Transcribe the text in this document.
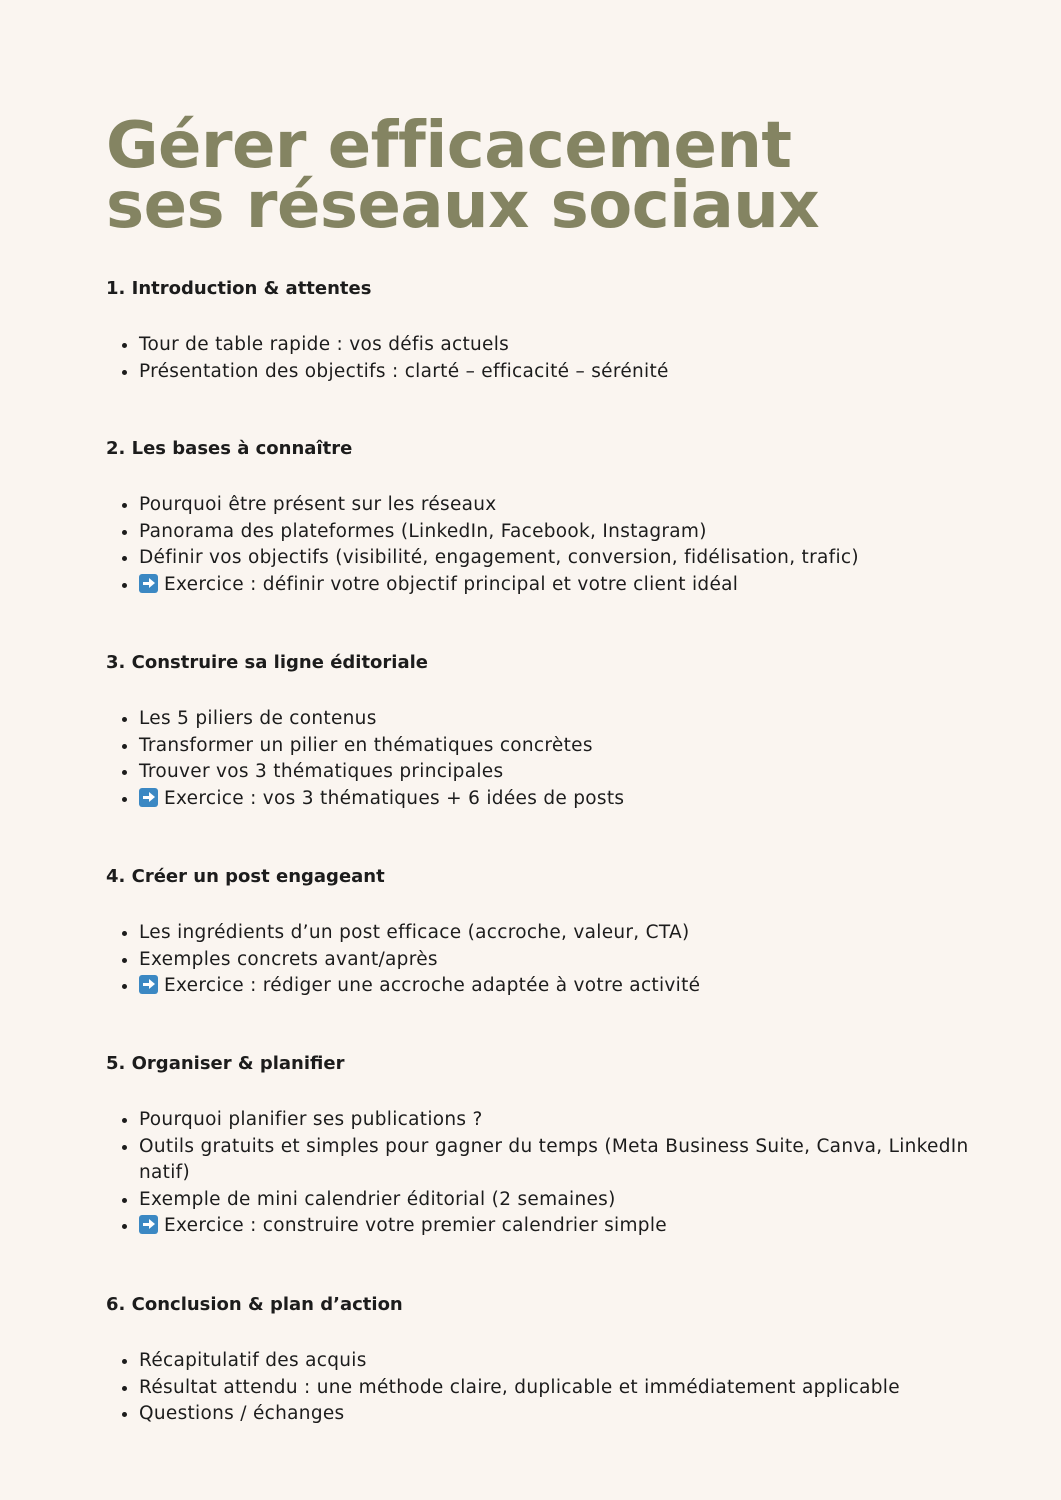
Gérer efficacement
ses réseaux sociaux
1. Introduction & attentes
• Tour de table rapide : vos défis actuels
• Présentation des objectifs : clarté – efficacité – sérénité
2. Les bases à connaître
• Pourquoi être présent sur les réseaux
• Panorama des plateformes (LinkedIn, Facebook, Instagram)
• Définir vos objectifs (visibilité, engagement, conversion, fidélisation, trafic)
• Exercice : définir votre objectif principal et votre client idéal
3. Construire sa ligne éditoriale
• Les 5 piliers de contenus
• Transformer un pilier en thématiques concrètes
• Trouver vos 3 thématiques principales
• Exercice : vos 3 thématiques + 6 idées de posts
4. Créer un post engageant
• Les ingrédients d’un post efficace (accroche, valeur, CTA)
• Exemples concrets avant/après
• Exercice : rédiger une accroche adaptée à votre activité
5. Organiser & planifier
• Pourquoi planifier ses publications ?
• Outils gratuits et simples pour gagner du temps (Meta Business Suite, Canva, LinkedIn natif)
• Exemple de mini calendrier éditorial (2 semaines)
• Exercice : construire votre premier calendrier simple
6. Conclusion & plan d’action
• Récapitulatif des acquis
• Résultat attendu : une méthode claire, duplicable et immédiatement applicable
• Questions / échanges
